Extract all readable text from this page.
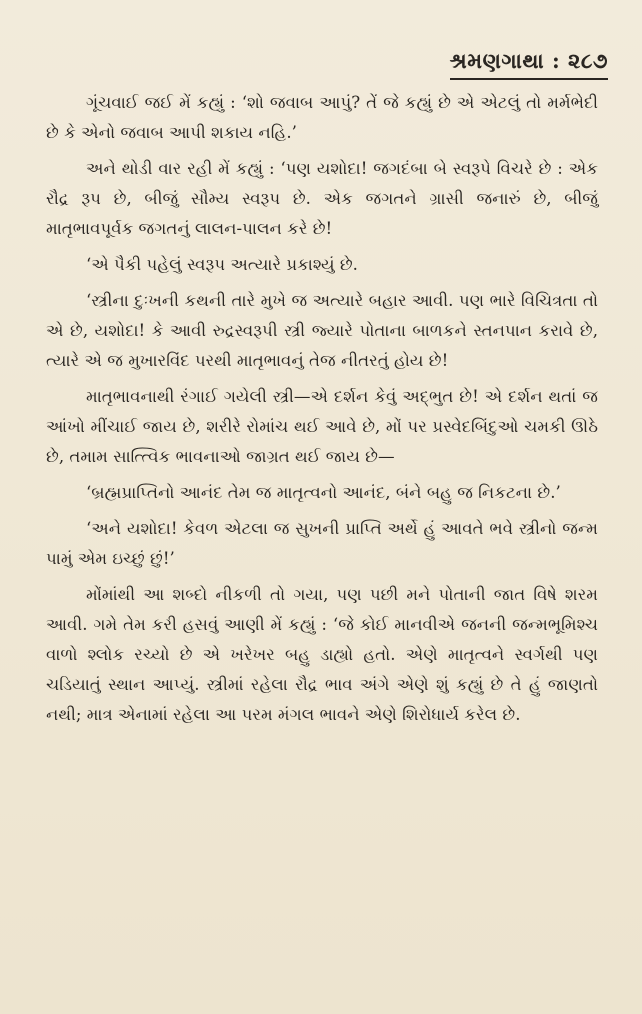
શ્રમણગાથા : ૨૮૭

ગૂંચવાઈ જઈ મેં કહ્યું : ‘શો જવાબ આપું? તેં જે કહ્યું છે એ એટલું તો મર્મભેદી છે કે એનો જવાબ આપી શકાય નહિ.’

અને થોડી વાર રહી મેં કહ્યું : ‘પણ યશોદા! જગદંબા બે સ્વરૂપે વિચરે છે : એક રૌદ્ર રૂપ છે, બીજું સૌમ્ય સ્વરૂપ છે. એક જગતને ગ્રાસી જનારું છે, બીજું માતૃભાવપૂર્વક જગતનું લાલન-પાલન કરે છે!

‘એ પૈકી પહેલું સ્વરૂપ અત્યારે પ્રકાશ્યું છે.

‘સ્ત્રીના દુઃખની કથની તારે મુખે જ અત્યારે બહાર આવી. પણ ભારે વિચિત્રતા તો એ છે, યશોદા! કે આવી રુદ્રસ્વરૂપી સ્ત્રી જ્યારે પોતાના બાળકને સ્તનપાન કરાવે છે, ત્યારે એ જ મુખારવિંદ પરથી માતૃભાવનું તેજ નીતરતું હોય છે!

માતૃભાવનાથી રંગાઈ ગયેલી સ્ત્રી—એ દર્શન કેવું અદ્ભુત છે! એ દર્શન થતાં જ આંખો મીંચાઈ જાય છે, શરીરે રોમાંચ થઈ આવે છે, મોં પર પ્રસ્વેદબિંદુઓ ચમકી ઊઠે છે, તમામ સાત્ત્વિક ભાવનાઓ જાગ્રત થઈ જાય છે—

‘બ્રહ્મપ્રાપ્તિનો આનંદ તેમ જ માતૃત્વનો આનંદ, બંને બહુ જ નિકટના છે.’

‘અને યશોદા! કેવળ એટલા જ સુખની પ્રાપ્તિ અર્થે હું આવતે ભવે સ્ત્રીનો જન્મ પામું એમ ઇચ્છું છું!’

મોંમાંથી આ શબ્દો નીકળી તો ગયા, પણ પછી મને પોતાની જાત વિષે શરમ આવી. ગમે તેમ કરી હસવું આણી મેં કહ્યું : ‘જે કોઈ માનવીએ જનની જન્મભૂમિશ્ચ વાળો શ્લોક રચ્યો છે એ ખરેખર બહુ ડાહ્યો હતો. એણે માતૃત્વને સ્વર્ગથી પણ ચડિયાતું સ્થાન આપ્યું. સ્ત્રીમાં રહેલા રૌદ્ર ભાવ અંગે એણે શું કહ્યું છે તે હું જાણતો નથી; માત્ર એનામાં રહેલા આ પરમ મંગલ ભાવને એણે શિરોધાર્ય કરેલ છે.
